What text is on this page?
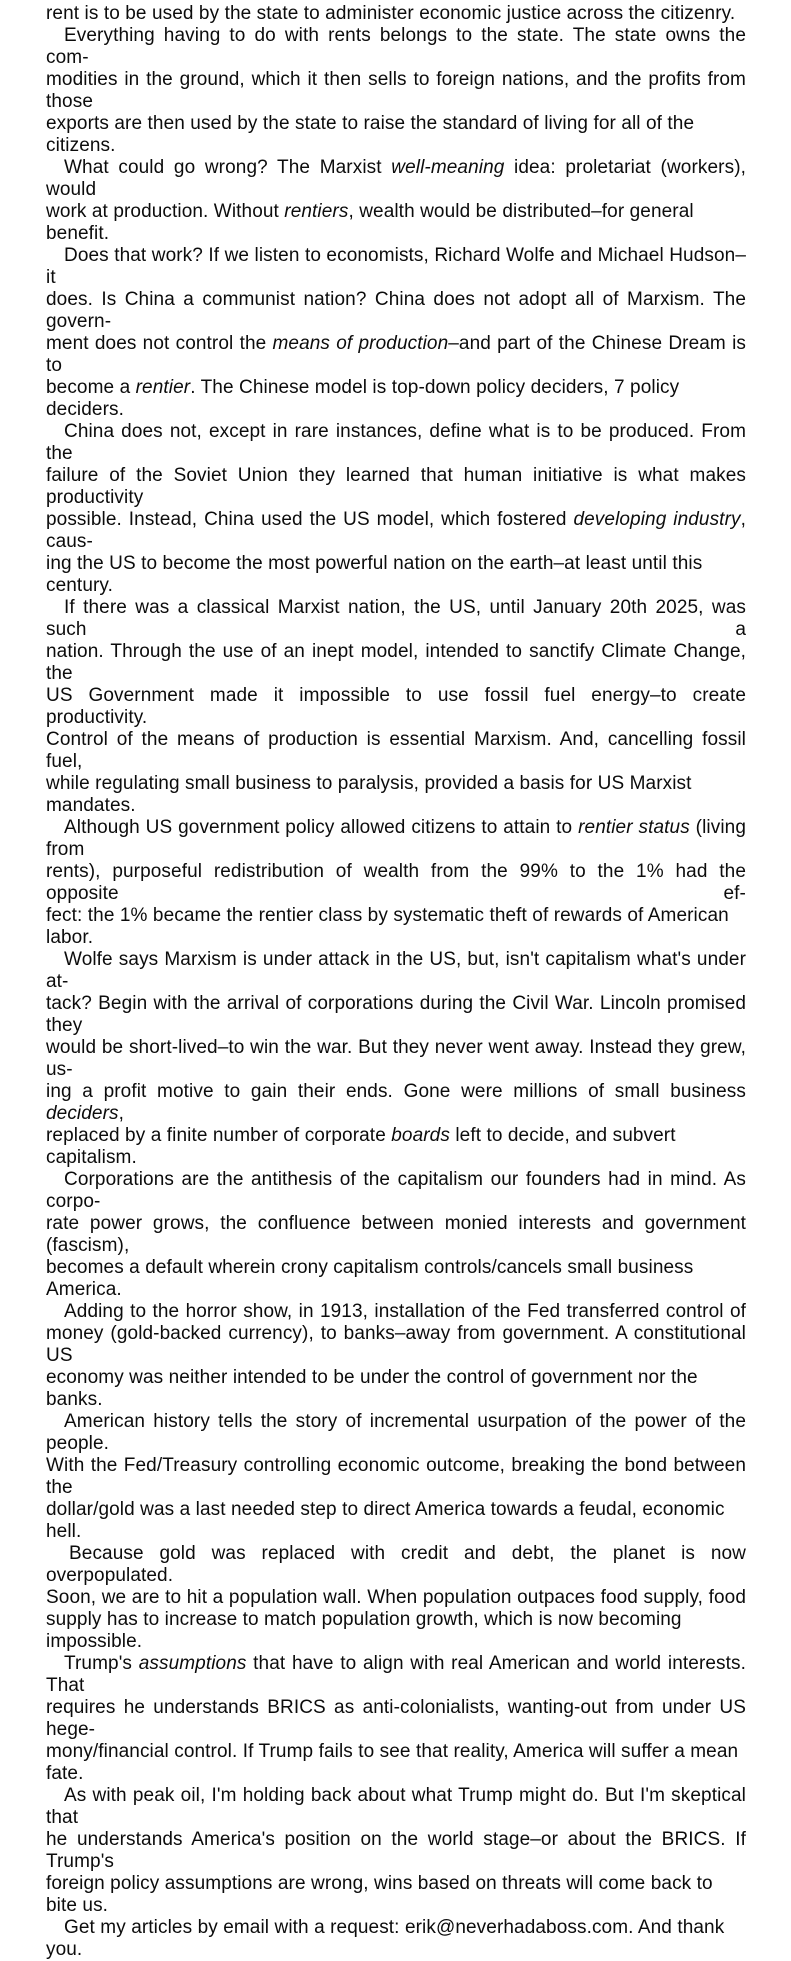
rent is to be used by the state to administer economic justice across the citizenry.
Everything having to do with rents belongs to the state. The state owns the com-
modities in the ground, which it then sells to foreign nations, and the profits from those
exports are then used by the state to raise the standard of living for all of the citizens.
What could go wrong? The Marxist well-meaning idea: proletariat (workers), would
work at production. Without rentiers, wealth would be distributed–for general benefit.
Does that work? If we listen to economists, Richard Wolfe and Michael Hudson–it
does. Is China a communist nation? China does not adopt all of Marxism. The govern-
ment does not control the means of production–and part of the Chinese Dream is to
become a rentier. The Chinese model is top-down policy deciders, 7 policy deciders.
China does not, except in rare instances, define what is to be produced. From the
failure of the Soviet Union they learned that human initiative is what makes productivity
possible. Instead, China used the US model, which fostered developing industry, caus-
ing the US to become the most powerful nation on the earth–at least until this century.
If there was a classical Marxist nation, the US, until January 20th 2025, was such a
nation. Through the use of an inept model, intended to sanctify Climate Change, the
US Government made it impossible to use fossil fuel energy–to create productivity.
Control of the means of production is essential Marxism. And, cancelling fossil fuel,
while regulating small business to paralysis, provided a basis for US Marxist mandates.
Although US government policy allowed citizens to attain to rentier status (living from
rents), purposeful redistribution of wealth from the 99% to the 1% had the opposite ef-
fect: the 1% became the rentier class by systematic theft of rewards of American labor.
Wolfe says Marxism is under attack in the US, but, isn't capitalism what's under at-
tack? Begin with the arrival of corporations during the Civil War. Lincoln promised they
would be short-lived–to win the war. But they never went away. Instead they grew, us-
ing a profit motive to gain their ends. Gone were millions of small business deciders,
replaced by a finite number of corporate boards left to decide, and subvert capitalism.
Corporations are the antithesis of the capitalism our founders had in mind. As corpo-
rate power grows, the confluence between monied interests and government (fascism),
becomes a default wherein crony capitalism controls/cancels small business America.
Adding to the horror show, in 1913, installation of the Fed transferred control of
money (gold-backed currency), to banks–away from government. A constitutional US
economy was neither intended to be under the control of government nor the banks.
American history tells the story of incremental usurpation of the power of the people.
With the Fed/Treasury controlling economic outcome, breaking the bond between the
dollar/gold was a last needed step to direct America towards a feudal, economic hell.
Because gold was replaced with credit and debt, the planet is now overpopulated.
Soon, we are to hit a population wall. When population outpaces food supply, food
supply has to increase to match population growth, which is now becoming impossible.
Trump's assumptions that have to align with real American and world interests. That
requires he understands BRICS as anti-colonialists, wanting-out from under US hege-
mony/financial control. If Trump fails to see that reality, America will suffer a mean fate.
As with peak oil, I'm holding back about what Trump might do. But I'm skeptical that
he understands America's position on the world stage–or about the BRICS. If Trump's
foreign policy assumptions are wrong, wins based on threats will come back to bite us.
Get my articles by email with a request: erik@neverhadaboss.com. And thank you.
